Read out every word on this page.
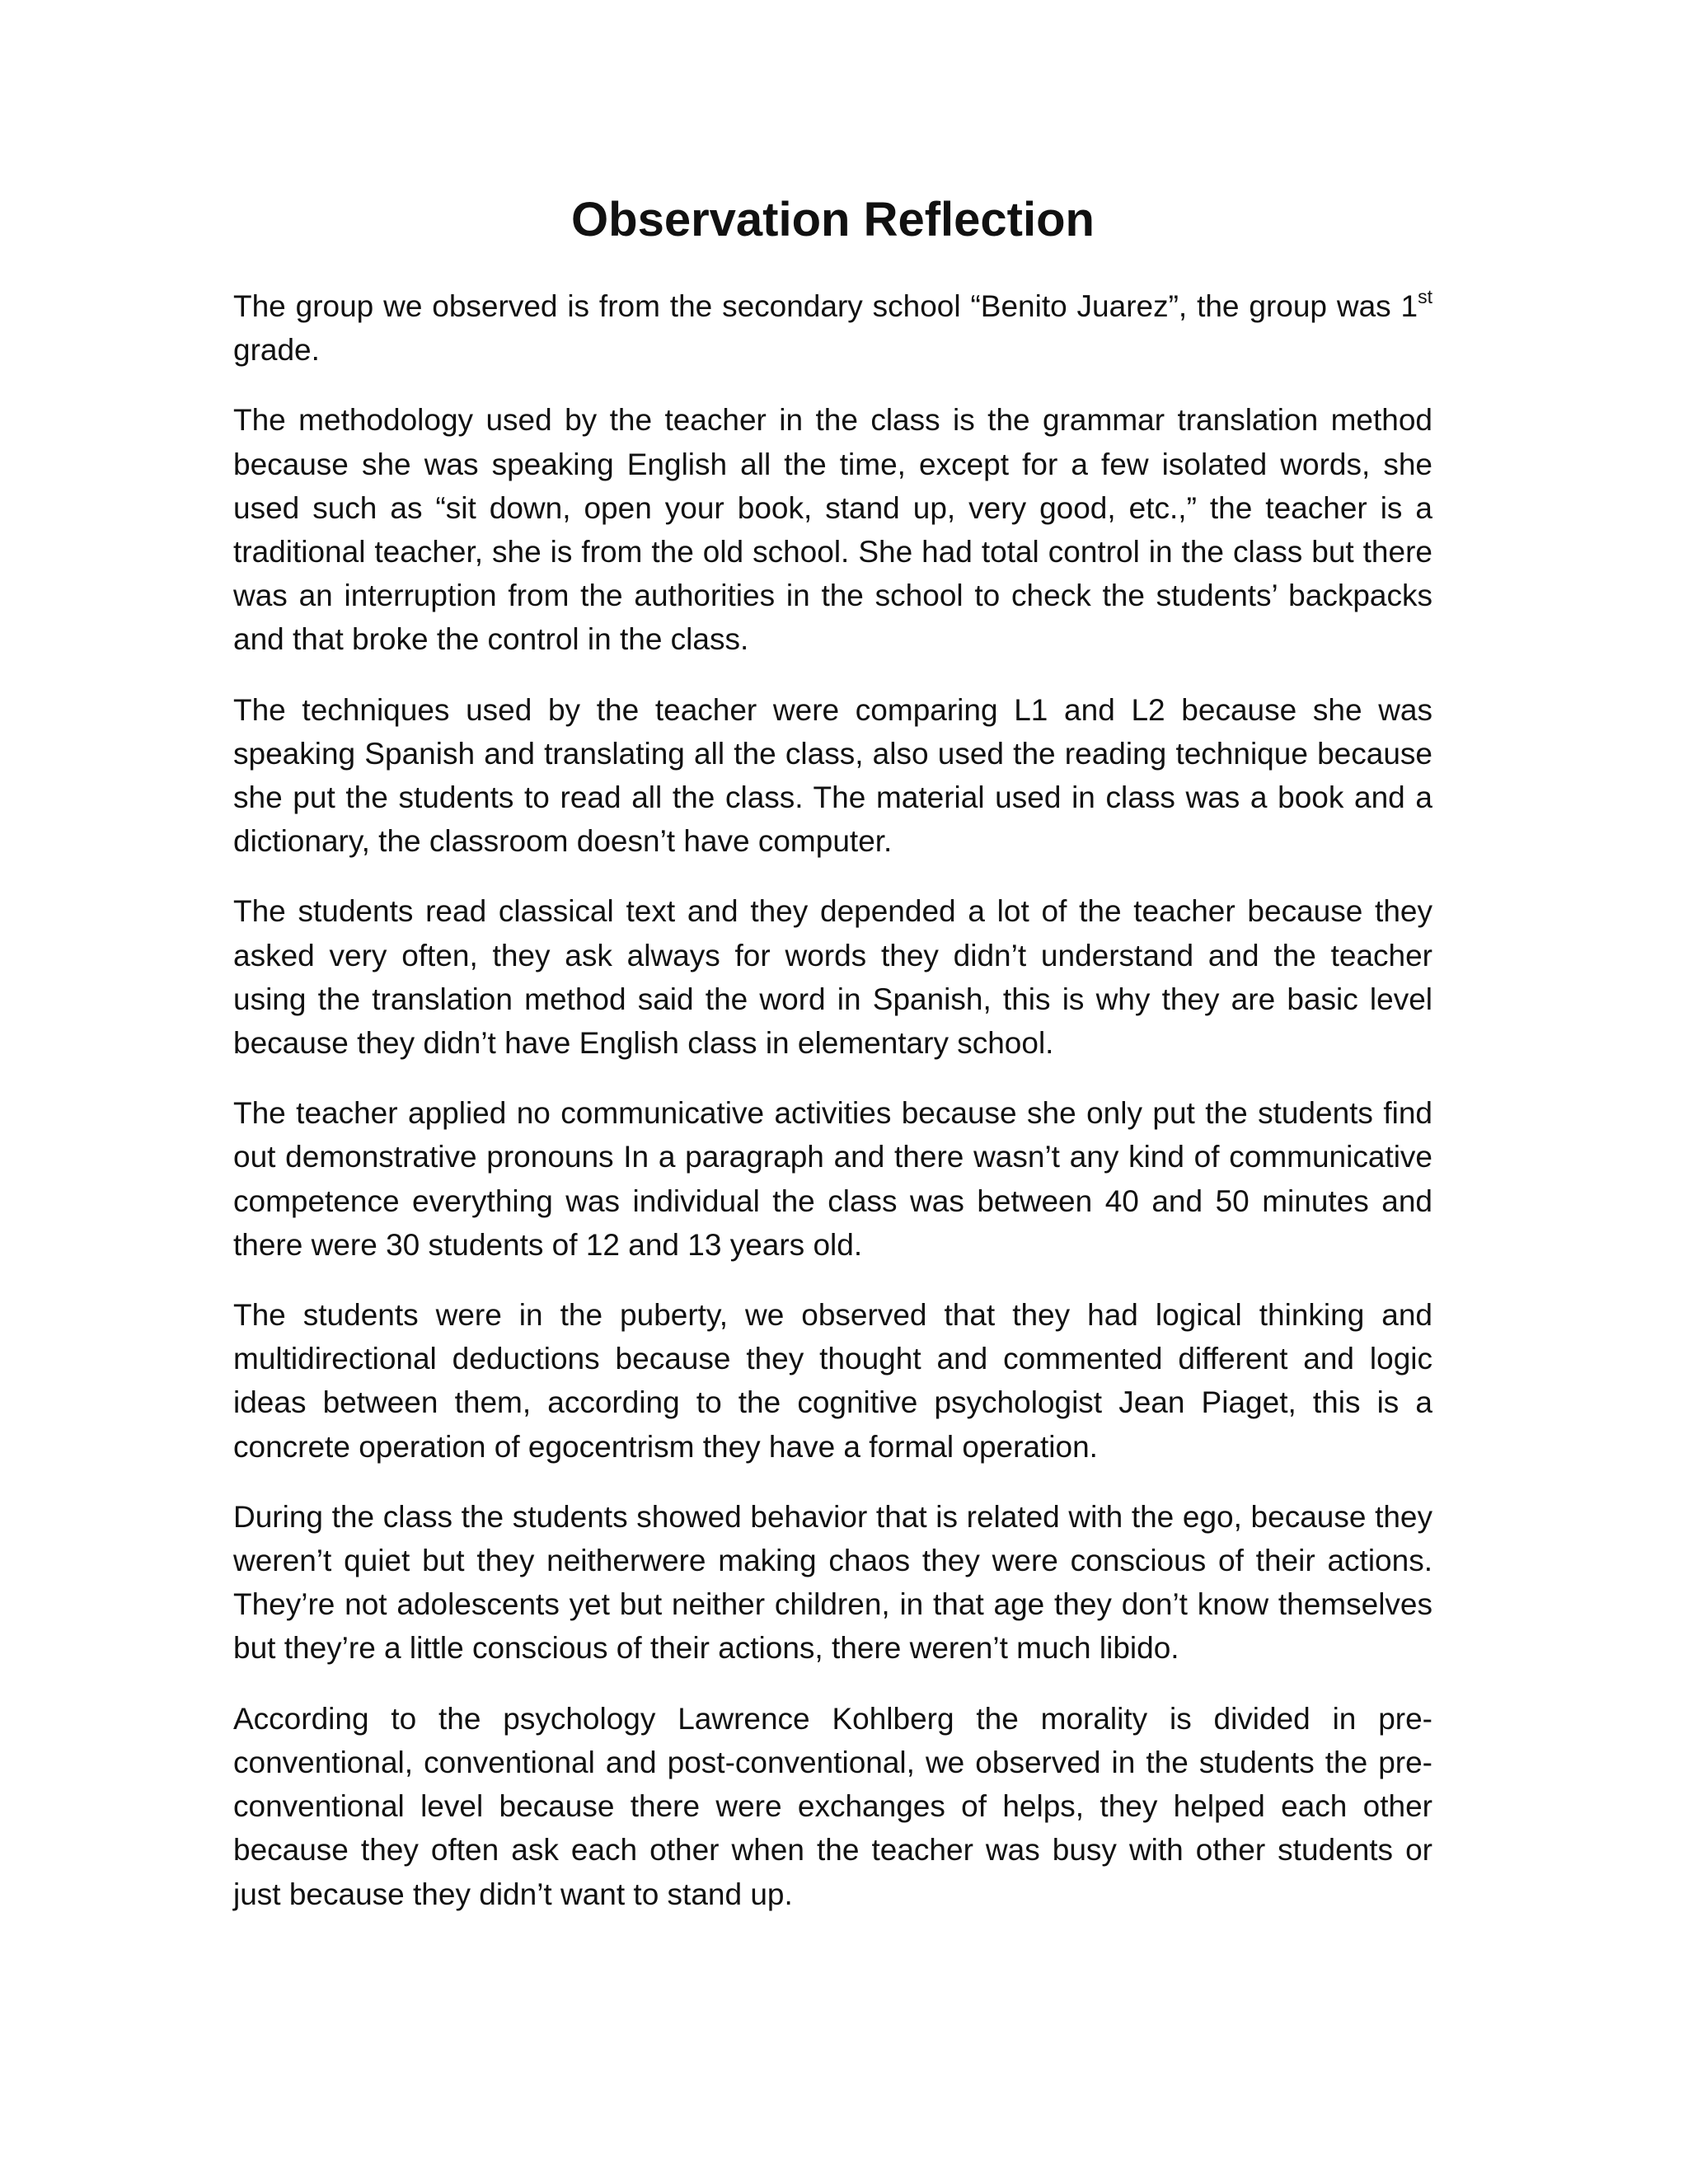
Observation Reflection

The group we observed is from the secondary school “Benito Juarez”, the group was 1st grade.

The methodology used by the teacher in the class is the grammar translation method because she was speaking English all the time, except for a few isolated words, she used such as “sit down, open your book, stand up, very good, etc.,” the teacher is a traditional teacher, she is from the old school. She had total control in the class but there was an interruption from the authorities in the school to check the students’ backpacks and that broke the control in the class.

The techniques used by the teacher were comparing L1 and L2 because she was speaking Spanish and translating all the class, also used the reading technique because she put the students to read all the class. The material used in class was a book and a dictionary, the classroom doesn’t have computer.

The students read classical text and they depended a lot of the teacher because they asked very often, they ask always for words they didn’t understand and the teacher using the translation method said the word in Spanish, this is why they are basic level because they didn’t have English class in elementary school.

The teacher applied no communicative activities because she only put the students find out demonstrative pronouns In a paragraph and there wasn’t any kind of communicative competence everything was individual the class was between 40 and 50 minutes and there were 30 students of 12 and 13 years old.

The students were in the puberty, we observed that they had logical thinking and multidirectional deductions because they thought and commented different and logic ideas between them, according to the cognitive psychologist Jean Piaget, this is a concrete operation of egocentrism they have a formal operation.

During the class the students showed behavior that is related with the ego, because they weren’t quiet but they neitherwere making chaos they were conscious of their actions. They’re not adolescents yet but neither children, in that age they don’t know themselves but they’re a little conscious of their actions, there weren’t much libido.

According to the psychology Lawrence Kohlberg the morality is divided in pre-conventional, conventional and post-conventional, we observed in the students the pre-conventional level because there were exchanges of helps, they helped each other because they often ask each other when the teacher was busy with other students or just because they didn’t want to stand up.
